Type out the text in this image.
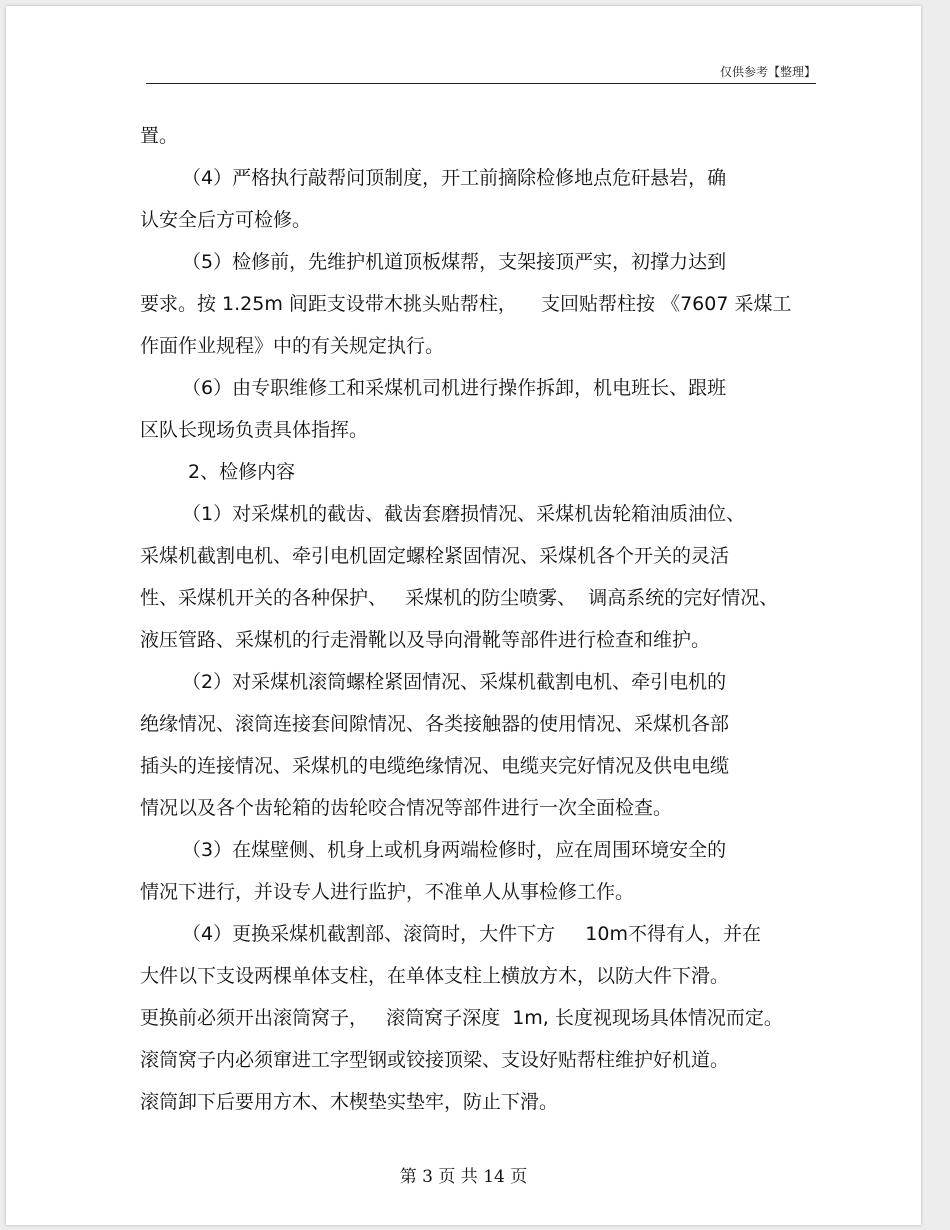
仅供参考【整理】
置。
（4）严格执行敲帮问顶制度，开工前摘除检修地点危矸悬岩，确
认安全后方可检修。
（5）检修前，先维护机道顶板煤帮，支架接顶严实，初撑力达到
要求。按 1.25m 间距支设带木挑头贴帮柱，    支回贴帮柱按 《7607 采煤工
作面作业规程》中的有关规定执行。
（6）由专职维修工和采煤机司机进行操作拆卸，机电班长、跟班
区队长现场负责具体指挥。
2、检修内容
（1）对采煤机的截齿、截齿套磨损情况、采煤机齿轮箱油质油位、
采煤机截割电机、牵引电机固定螺栓紧固情况、采煤机各个开关的灵活
性、采煤机开关的各种保护、   采煤机的防尘喷雾、  调高系统的完好情况、
液压管路、采煤机的行走滑靴以及导向滑靴等部件进行检查和维护。
（2）对采煤机滚筒螺栓紧固情况、采煤机截割电机、牵引电机的
绝缘情况、滚筒连接套间隙情况、各类接触器的使用情况、采煤机各部
插头的连接情况、采煤机的电缆绝缘情况、电缆夹完好情况及供电电缆
情况以及各个齿轮箱的齿轮咬合情况等部件进行一次全面检查。
（3）在煤壁侧、机身上或机身两端检修时，应在周围环境安全的
情况下进行，并设专人进行监护，不准单人从事检修工作。
（4）更换采煤机截割部、滚筒时，大件下方     10m不得有人，并在
大件以下支设两棵单体支柱，在单体支柱上横放方木，以防大件下滑。
更换前必须开出滚筒窝子，   滚筒窝子深度  1m, 长度视现场具体情况而定。
滚筒窝子内必须窜进工字型钢或铰接顶梁、支设好贴帮柱维护好机道。
滚筒卸下后要用方木、木楔垫实垫牢，防止下滑。
第 3 页 共 14 页
